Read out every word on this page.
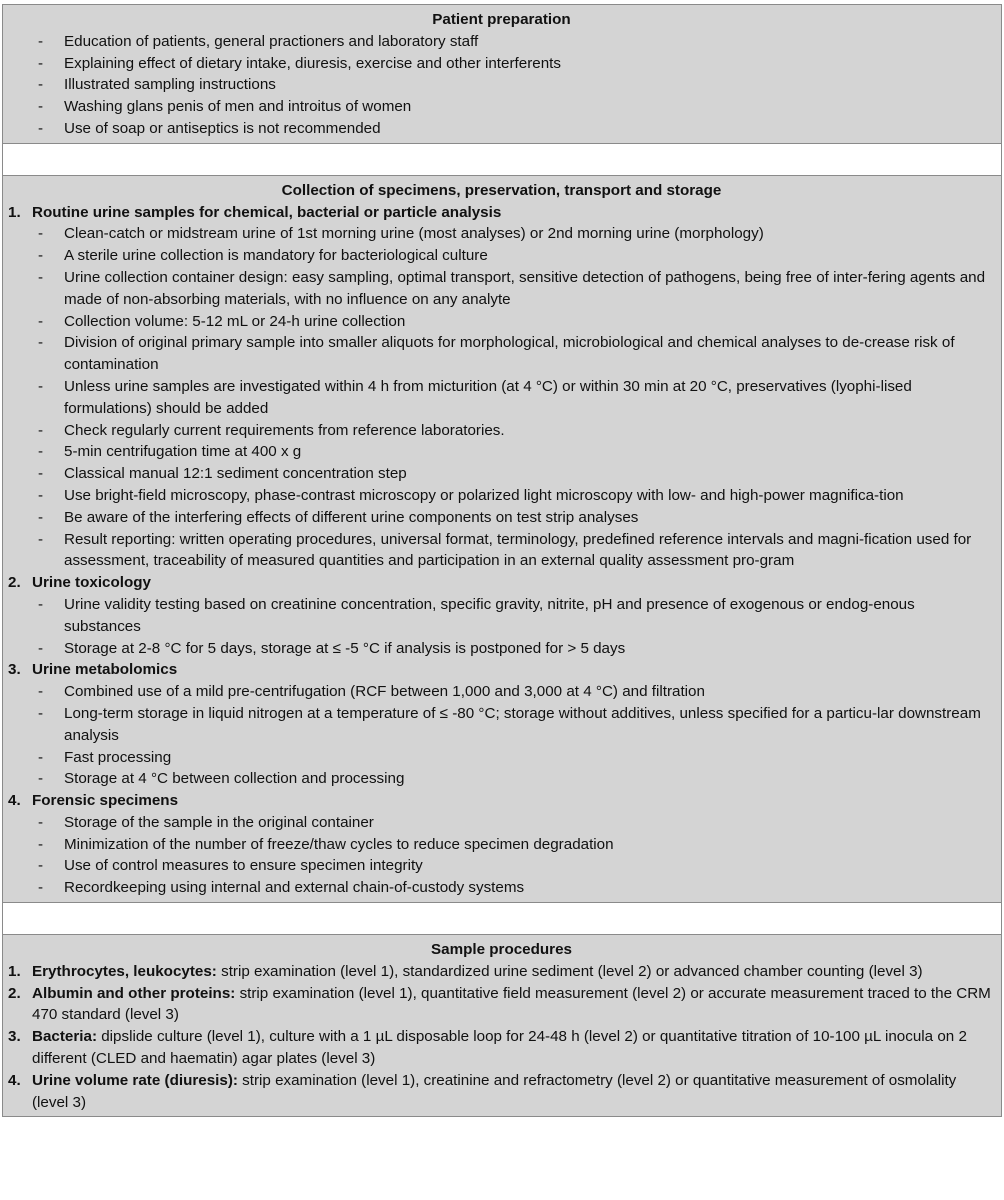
Patient preparation
-	Education of patients, general practioners and laboratory staff
-	Explaining effect of dietary intake, diuresis, exercise and other interferents
-	Illustrated sampling instructions
-	Washing glans penis of men and introitus of women
-	Use of soap or antiseptics is not recommended
Collection of specimens, preservation, transport and storage
1. Routine urine samples for chemical, bacterial or particle analysis
-	Clean-catch or midstream urine of 1st morning urine (most analyses) or 2nd morning urine (morphology)
-	A sterile urine collection is mandatory for bacteriological culture
-	Urine collection container design: easy sampling, optimal transport, sensitive detection of pathogens, being free of inter-fering agents and made of non-absorbing materials, with no influence on any analyte
-	Collection volume: 5-12 mL or 24-h urine collection
-	Division of original primary sample into smaller aliquots for morphological, microbiological and chemical analyses to de-crease risk of contamination
-	Unless urine samples are investigated within 4 h from micturition (at 4 °C) or within 30 min at 20 °C, preservatives (lyophi-lised formulations) should be added
-	Check regularly current requirements from reference laboratories.
-	5-min centrifugation time at 400 x g
-	Classical manual 12:1 sediment concentration step
-	Use bright-field microscopy, phase-contrast microscopy or polarized light microscopy with low- and high-power magnifica-tion
-	Be aware of the interfering effects of different urine components on test strip analyses
-	Result reporting: written operating procedures, universal format, terminology, predefined reference intervals and magni-fication used for assessment, traceability of measured quantities and participation in an external quality assessment pro-gram
2. Urine toxicology
-	Urine validity testing based on creatinine concentration, specific gravity, nitrite, pH and presence of exogenous or endog-enous substances
-	Storage at 2-8 °C for 5 days, storage at ≤ -5 °C if analysis is postponed for > 5 days
3. Urine metabolomics
-	Combined use of a mild pre-centrifugation (RCF between 1,000 and 3,000 at 4 °C) and filtration
-	Long-term storage in liquid nitrogen at a temperature of ≤ -80 °C; storage without additives, unless specified for a particu-lar downstream analysis
-	Fast processing
-	Storage at 4 °C between collection and processing
4. Forensic specimens
-	Storage of the sample in the original container
-	Minimization of the number of freeze/thaw cycles to reduce specimen degradation
-	Use of control measures to ensure specimen integrity
-	Recordkeeping using internal and external chain-of-custody systems
Sample procedures
1. Erythrocytes, leukocytes: strip examination (level 1), standardized urine sediment (level 2) or advanced chamber counting (level 3)
2. Albumin and other proteins: strip examination (level 1), quantitative field measurement (level 2) or accurate measurement traced to the CRM 470 standard (level 3)
3. Bacteria: dipslide culture (level 1), culture with a 1 µL disposable loop for 24-48 h (level 2) or quantitative titration of 10-100 µL inocula on 2 different (CLED and haematin) agar plates (level 3)
4. Urine volume rate (diuresis): strip examination (level 1), creatinine and refractometry (level 2) or quantitative measurement of osmolality (level 3)
